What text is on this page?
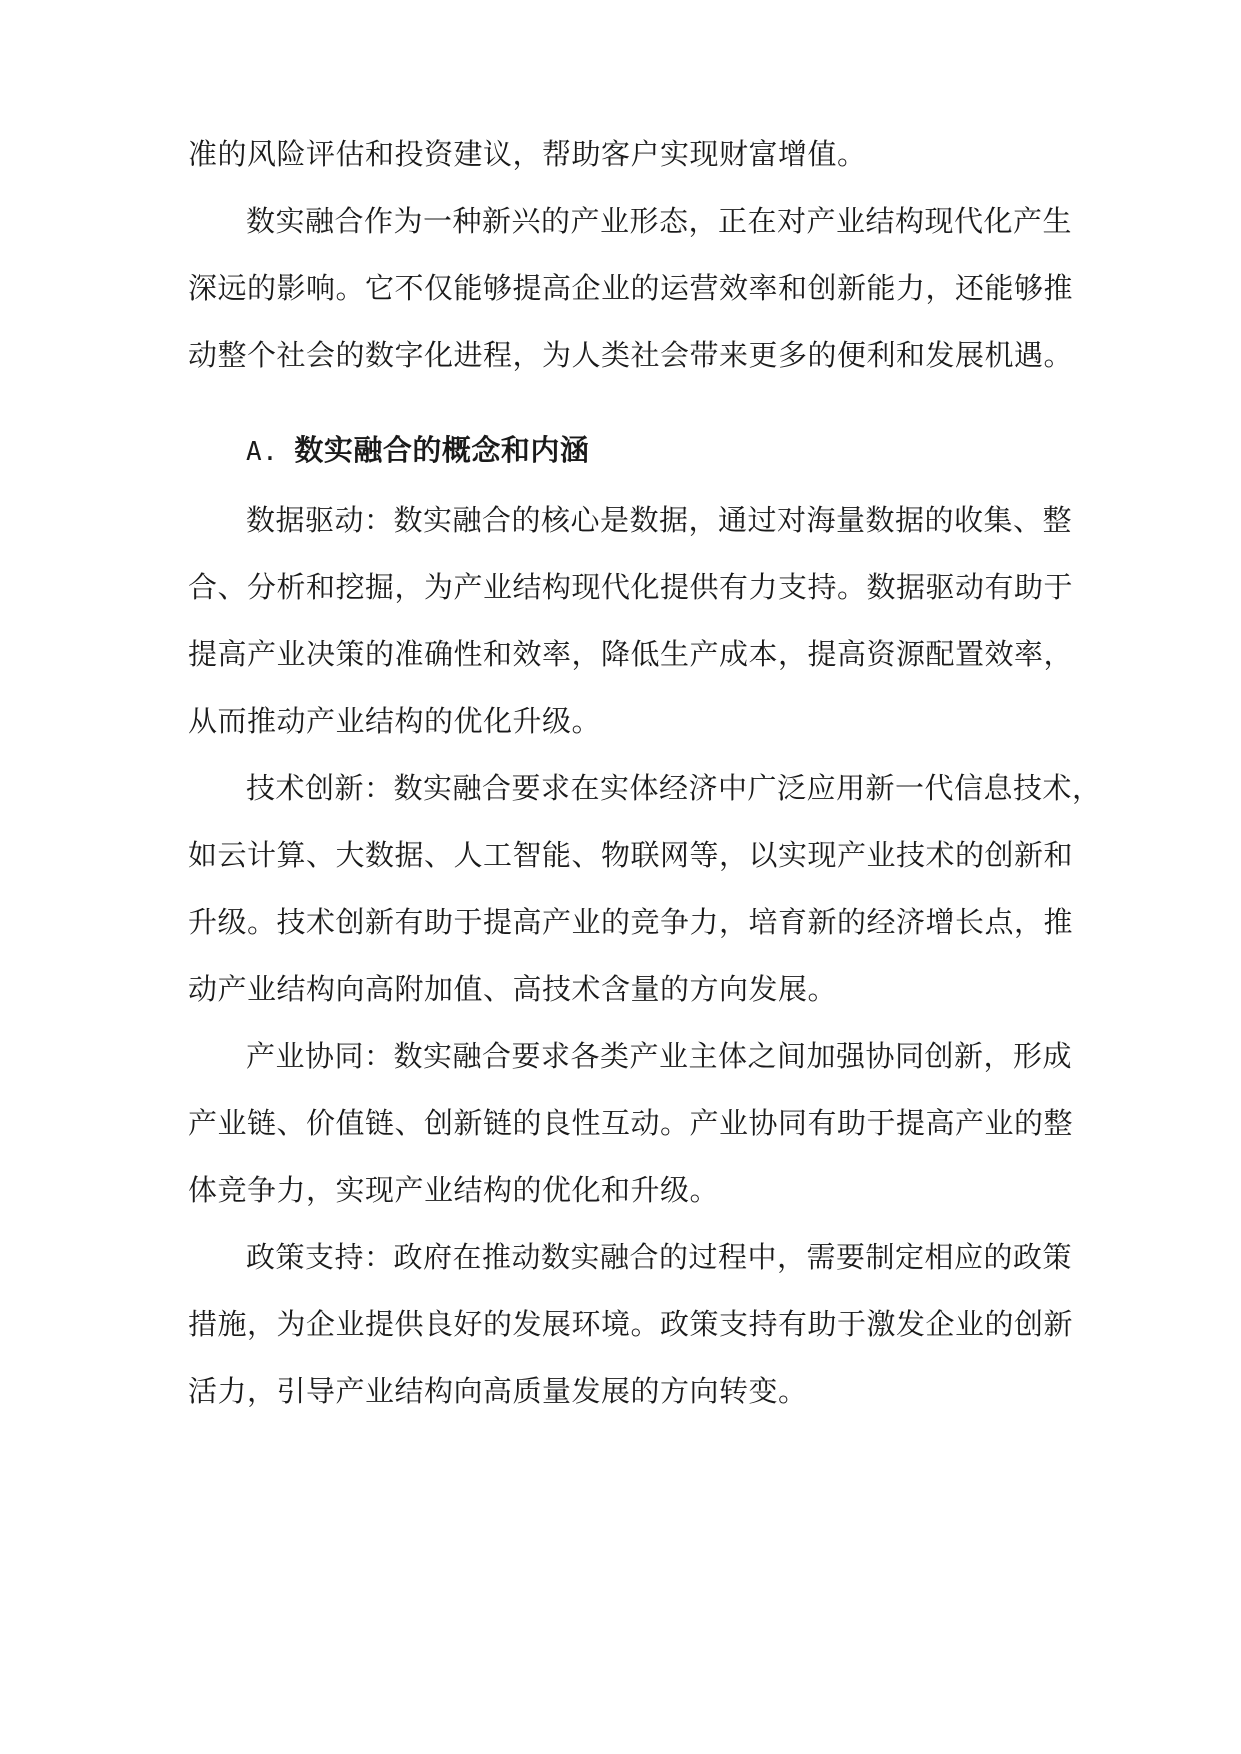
准的风险评估和投资建议，帮助客户实现财富增值。
数实融合作为一种新兴的产业形态，正在对产业结构现代化产生
深远的影响。它不仅能够提高企业的运营效率和创新能力，还能够推
动整个社会的数字化进程，为人类社会带来更多的便利和发展机遇。
A. 数实融合的概念和内涵
数据驱动：数实融合的核心是数据，通过对海量数据的收集、整
合、分析和挖掘，为产业结构现代化提供有力支持。数据驱动有助于
提高产业决策的准确性和效率，降低生产成本，提高资源配置效率，
从而推动产业结构的优化升级。
技术创新：数实融合要求在实体经济中广泛应用新一代信息技术，
如云计算、大数据、人工智能、物联网等，以实现产业技术的创新和
升级。技术创新有助于提高产业的竞争力，培育新的经济增长点，推
动产业结构向高附加值、高技术含量的方向发展。
产业协同：数实融合要求各类产业主体之间加强协同创新，形成
产业链、价值链、创新链的良性互动。产业协同有助于提高产业的整
体竞争力，实现产业结构的优化和升级。
政策支持：政府在推动数实融合的过程中，需要制定相应的政策
措施，为企业提供良好的发展环境。政策支持有助于激发企业的创新
活力，引导产业结构向高质量发展的方向转变。
